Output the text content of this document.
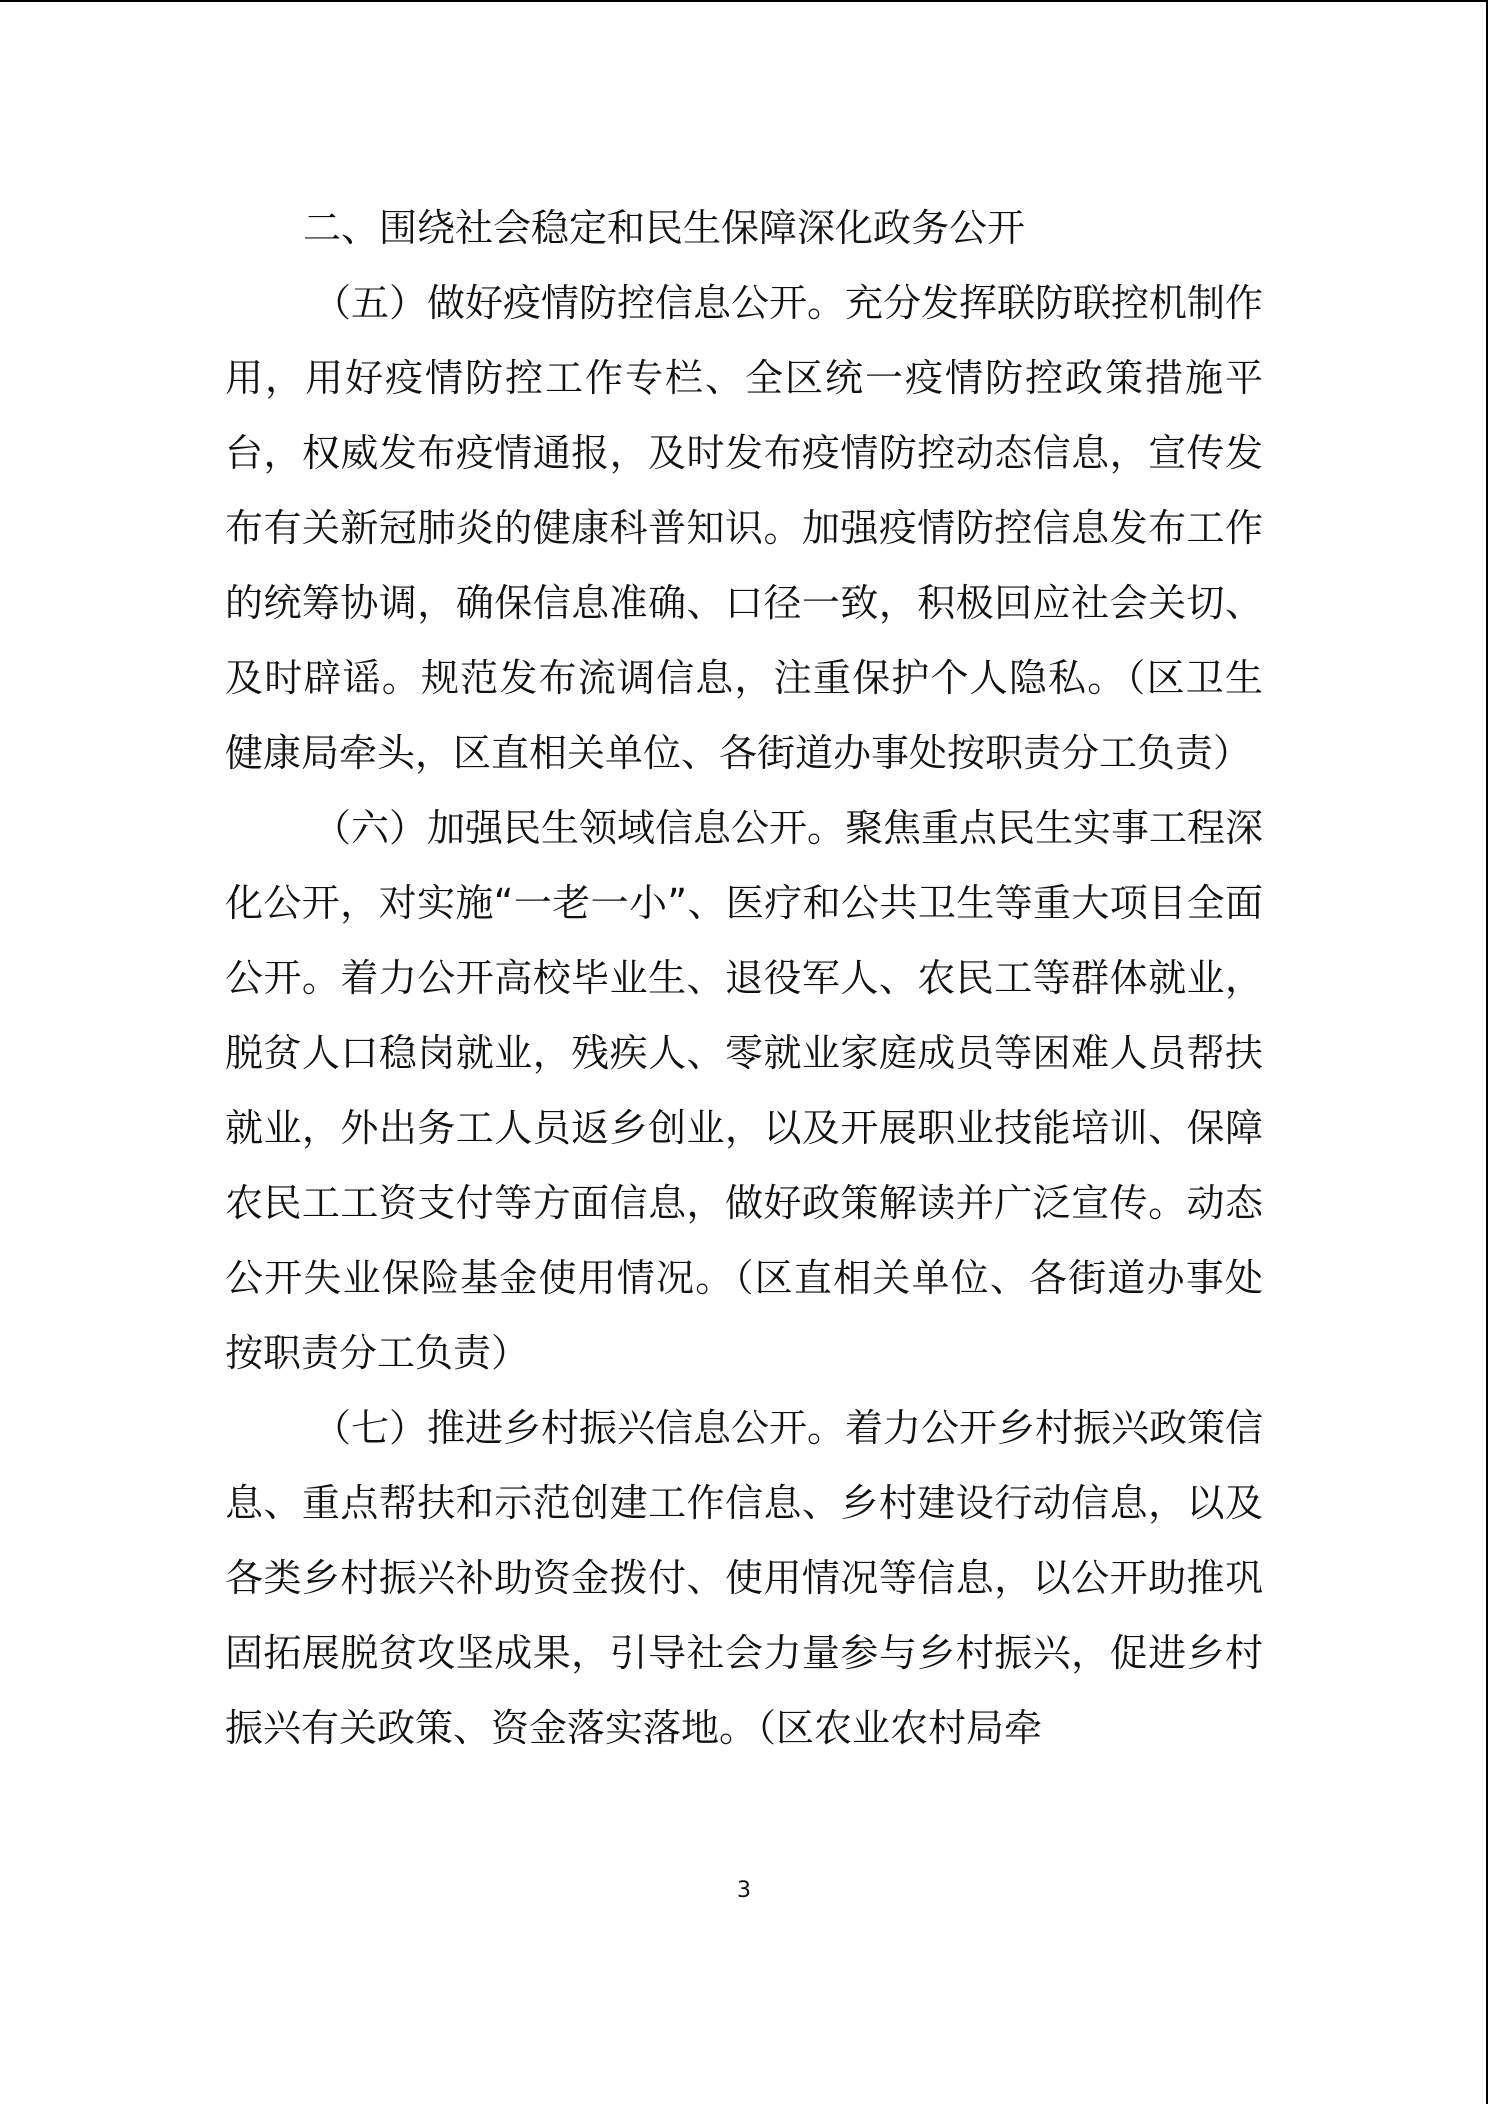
二、围绕社会稳定和民生保障深化政务公开

（五）做好疫情防控信息公开。充分发挥联防联控机制作用，用好疫情防控工作专栏、全区统一疫情防控政策措施平台，权威发布疫情通报，及时发布疫情防控动态信息，宣传发布有关新冠肺炎的健康科普知识。加强疫情防控信息发布工作的统筹协调，确保信息准确、口径一致，积极回应社会关切、及时辟谣。规范发布流调信息，注重保护个人隐私。（区卫生健康局牵头，区直相关单位、各街道办事处按职责分工负责）

（六）加强民生领域信息公开。聚焦重点民生实事工程深化公开，对实施“一老一小”、医疗和公共卫生等重大项目全面公开。着力公开高校毕业生、退役军人、农民工等群体就业，脱贫人口稳岗就业，残疾人、零就业家庭成员等困难人员帮扶就业，外出务工人员返乡创业，以及开展职业技能培训、保障农民工工资支付等方面信息，做好政策解读并广泛宣传。动态公开失业保险基金使用情况。（区直相关单位、各街道办事处按职责分工负责）

（七）推进乡村振兴信息公开。着力公开乡村振兴政策信息、重点帮扶和示范创建工作信息、乡村建设行动信息，以及各类乡村振兴补助资金拨付、使用情况等信息，以公开助推巩固拓展脱贫攻坚成果，引导社会力量参与乡村振兴，促进乡村振兴有关政策、资金落实落地。（区农业农村局牵

3
